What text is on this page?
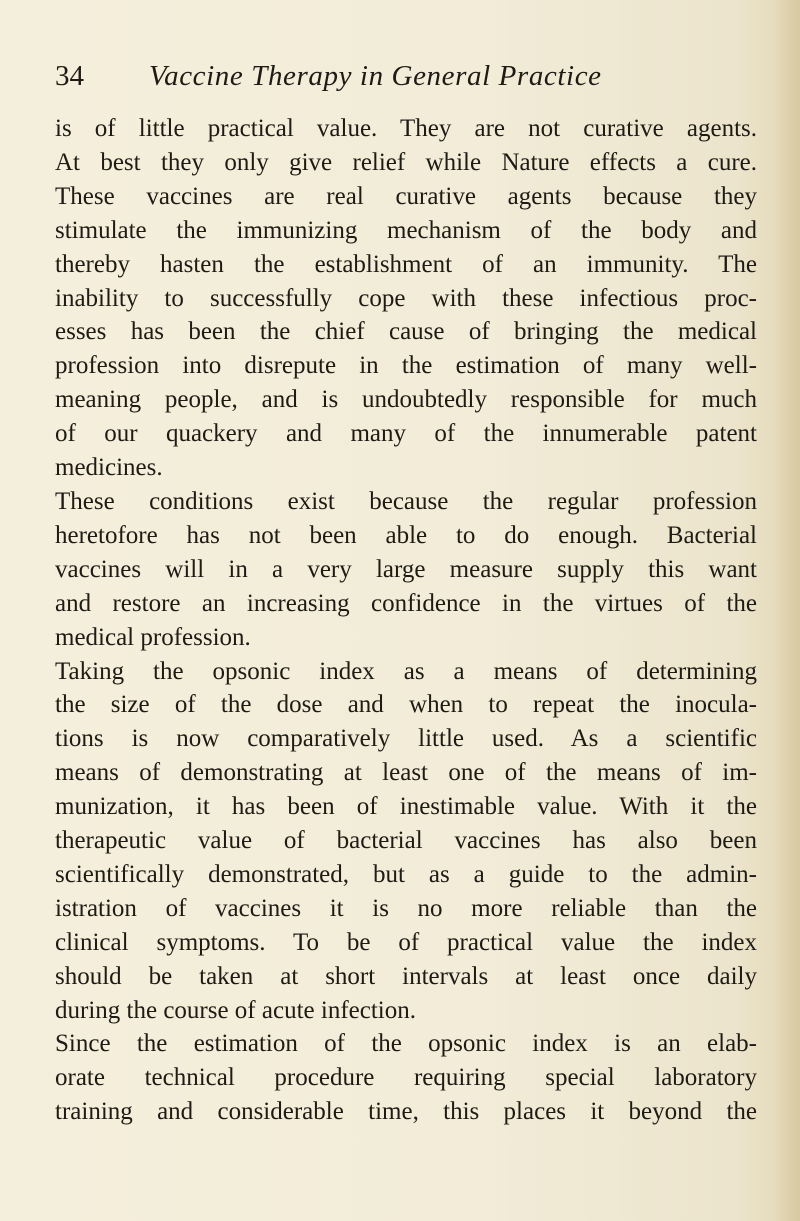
34 Vaccine Therapy in General Practice
is of little practical value. They are not curative agents.
At best they only give relief while Nature effects a cure.
These vaccines are real curative agents because they
stimulate the immunizing mechanism of the body and
thereby hasten the establishment of an immunity. The
inability to successfully cope with these infectious proc-
esses has been the chief cause of bringing the medical
profession into disrepute in the estimation of many well-
meaning people, and is undoubtedly responsible for much
of our quackery and many of the innumerable patent
medicines.
These conditions exist because the regular profession
heretofore has not been able to do enough. Bacterial
vaccines will in a very large measure supply this want
and restore an increasing confidence in the virtues of the
medical profession.
Taking the opsonic index as a means of determining
the size of the dose and when to repeat the inocula-
tions is now comparatively little used. As a scientific
means of demonstrating at least one of the means of im-
munization, it has been of inestimable value. With it the
therapeutic value of bacterial vaccines has also been
scientifically demonstrated, but as a guide to the admin-
istration of vaccines it is no more reliable than the
clinical symptoms. To be of practical value the index
should be taken at short intervals at least once daily
during the course of acute infection.
Since the estimation of the opsonic index is an elab-
orate technical procedure requiring special laboratory
training and considerable time, this places it beyond the
